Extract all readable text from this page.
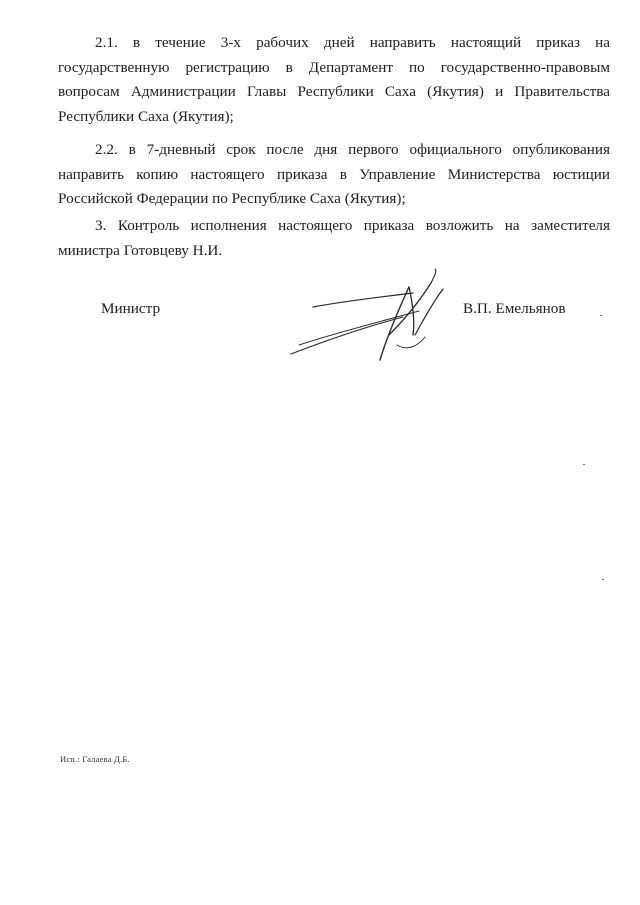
2.1. в течение 3-х рабочих дней направить настоящий приказ на государственную регистрацию в Департамент по государственно-правовым вопросам Администрации Главы Республики Саха (Якутия) и Правительства Республики Саха (Якутия);

2.2. в 7-дневный срок после дня первого официального опубликования направить копию настоящего приказа в Управление Министерства юстиции Российской Федерации по Республике Саха (Якутия);

3. Контроль исполнения настоящего приказа возложить на заместителя министра Готовцеву Н.И.

Министр	В.П. Емельянов
Исп.: Галаева Д.Б.
